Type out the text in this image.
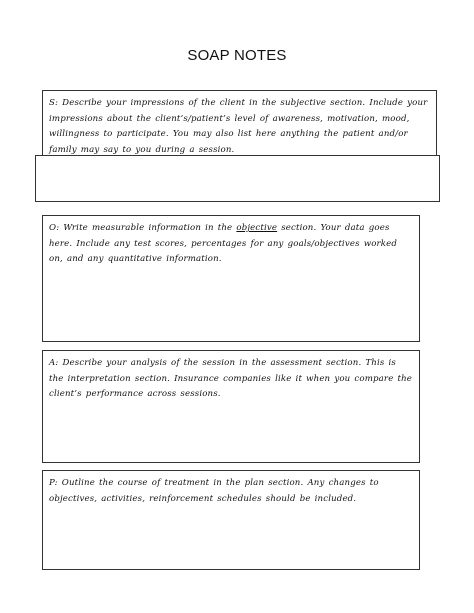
SOAP NOTES
S: Describe your impressions of the client in the subjective section. Include your impressions about the client’s/patient’s level of awareness, motivation, mood, willingness to participate. You may also list here anything the patient and/or family may say to you during a session.
O: Write measurable information in the objective section. Your data goes here. Include any test scores, percentages for any goals/objectives worked on, and any quantitative information.
A: Describe your analysis of the session in the assessment section. This is the interpretation section. Insurance companies like it when you compare the client’s performance across sessions.
P: Outline the course of treatment in the plan section. Any changes to objectives, activities, reinforcement schedules should be included.
